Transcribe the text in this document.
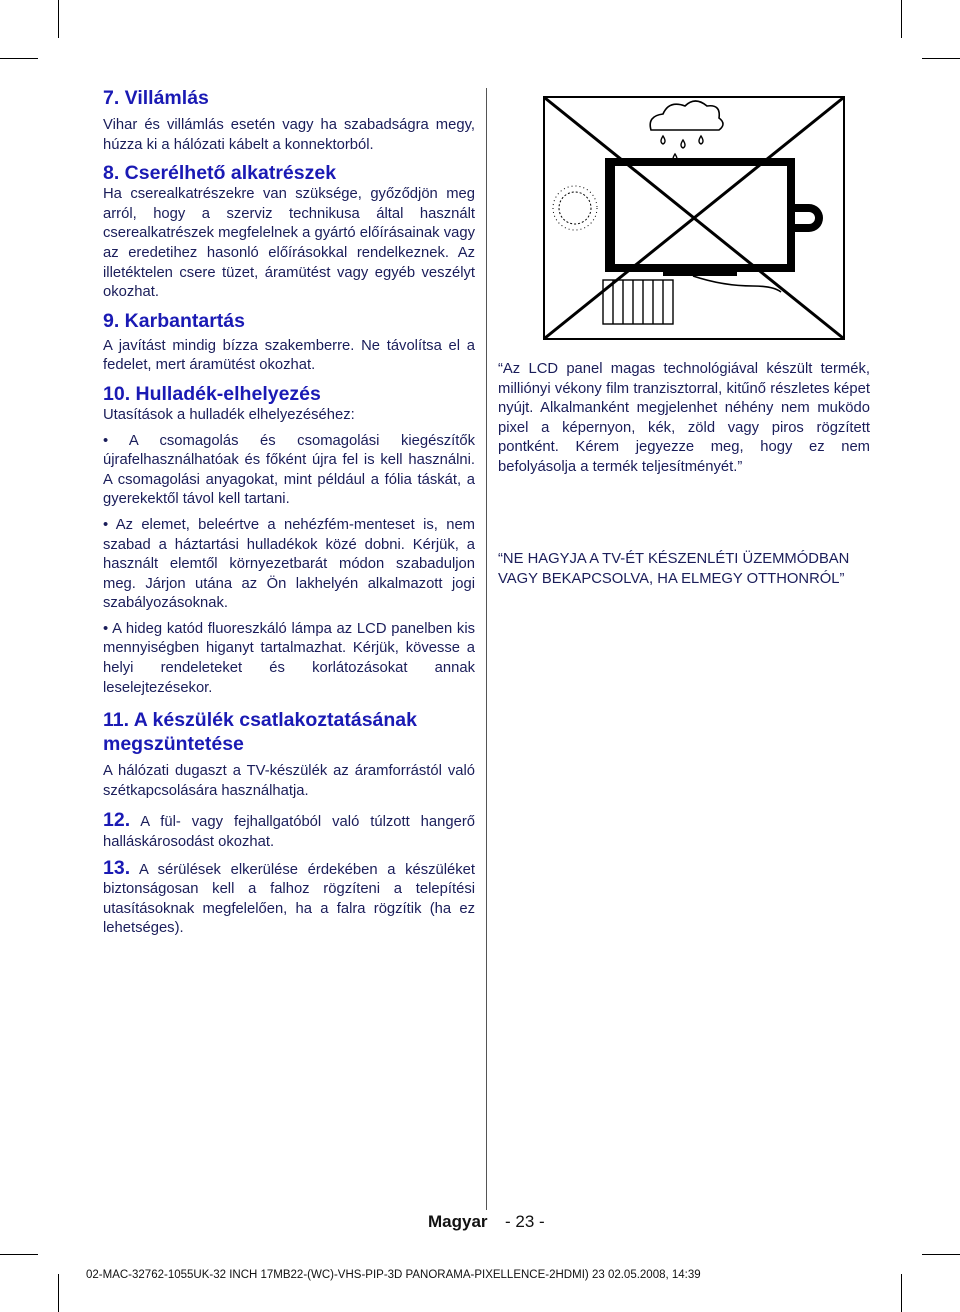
7. Villámlás

Vihar és villámlás esetén vagy ha szabadságra megy, húzza ki a hálózati kábelt a konnektorból.

8. Cserélhető alkatrészek

Ha cserealkatrészekre van szüksége, győződjön meg arról, hogy a szerviz technikusa által használt cserealkatrészek megfelelnek a gyártó előírásainak vagy az eredetihez hasonló előírásokkal rendelkeznek. Az illetéktelen csere tüzet, áramütést vagy egyéb veszélyt okozhat.

9. Karbantartás

A javítást mindig bízza szakemberre. Ne távolítsa el a fedelet, mert áramütést okozhat.

10. Hulladék-elhelyezés

Utasítások a hulladék elhelyezéséhez:

• A csomagolás és csomagolási kiegészítők újrafelhasználhatóak és főként újra fel is kell használni. A csomagolási anyagokat, mint például a fólia táskát, a gyerekektől távol kell tartani.

• Az elemet, beleértve a nehézfém-menteset is, nem szabad a háztartási hulladékok közé dobni. Kérjük, a használt elemtől környezetbarát módon szabaduljon meg. Járjon utána az Ön lakhelyén alkalmazott jogi szabályozásoknak.

• A hideg katód fluoreszkáló lámpa az LCD panelben kis mennyiségben higanyt tartalmazhat. Kérjük, kövesse a helyi rendeleteket és korlátozásokat annak leselejtezésekor.

11. A készülék csatlakoztatásának megszüntetése

A hálózati dugaszt a TV-készülék az áramforrástól való szétkapcsolására használhatja.

12. A fül- vagy fejhallgatóból való túlzott hangerő halláskárosodást okozhat.

13. A sérülések elkerülése érdekében a készüléket biztonságosan kell a falhoz rögzíteni a telepítési utasításoknak megfelelően, ha a falra rögzítik (ha ez lehetséges).

“Az LCD panel magas technológiával készült termék, milliónyi vékony film tranzisztorral, kitűnő részletes képet nyújt. Alkalmanként megjelenhet néhény nem muködo pixel a képernyon, kék, zöld vagy piros rögzített pontként. Kérem jegyezze meg, hogy ez nem befolyásolja a termék teljesítményét.”

“NE HAGYJA A TV-ÉT KÉSZENLÉTI ÜZEMMÓDBAN
VAGY BEKAPCSOLVA, HA ELMEGY OTTHONRÓL”
Magyar - 23 -
02-MAC-32762-1055UK-32 INCH 17MB22-(WC)-VHS-PIP-3D PANORAMA-PIXELLENCE-2HDMI) 23 02.05.2008, 14:39
